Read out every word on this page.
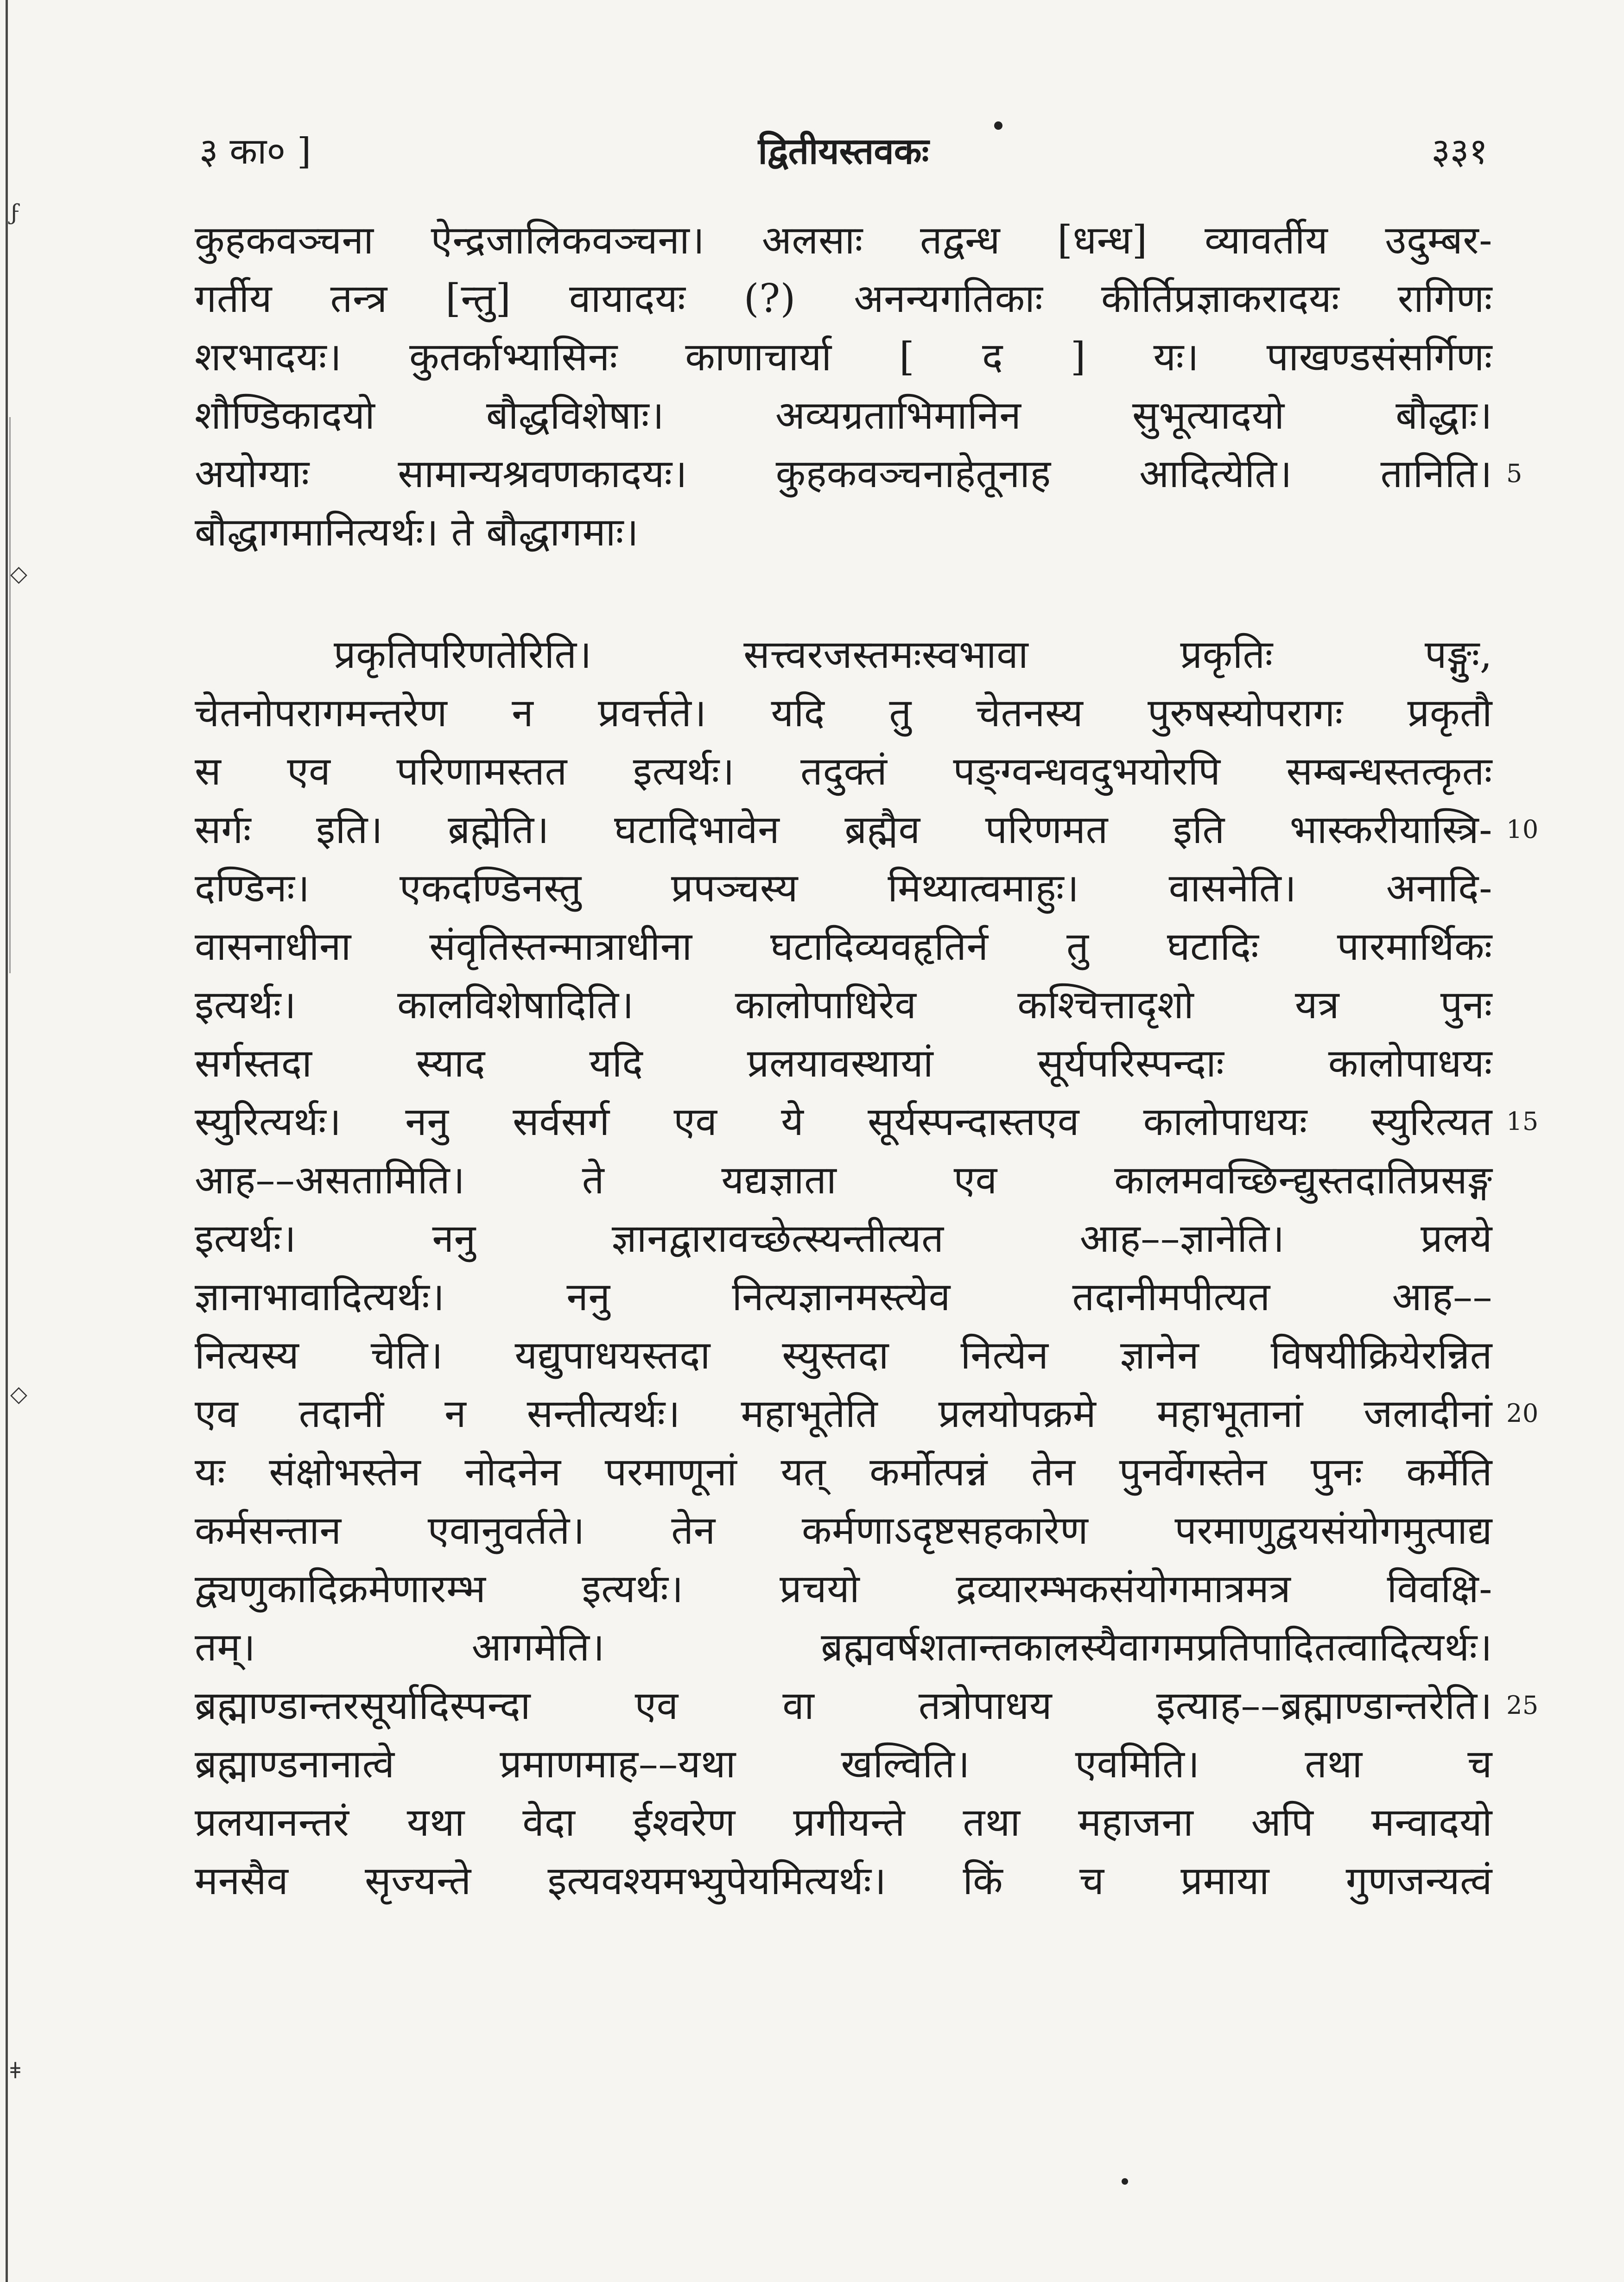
ϝ
◇
◇
ǂ
३ का० ]	द्वितीयस्तवकः	३३१
कुहकवञ्चना ऐन्द्रजालिकवञ्चना। अलसाः तद्वन्ध [धन्ध] व्यावर्तीय उदुम्बर-
गर्तीय तन्त्र [न्तु] वायादयः (?) अनन्यगतिकाः कीर्तिप्रज्ञाकरादयः रागिणः
शरभादयः। कुतर्काभ्यासिनः काणाचार्या [ द ] यः। पाखण्डसंसर्गिणः
शौण्डिकादयो बौद्धविशेषाः। अव्यग्रताभिमानिन सुभूत्यादयो बौद्धाः।
अयोग्याः सामान्यश्रवणकादयः। कुहकवञ्चनाहेतूनाह आदित्येति। तानिति। 5
बौद्धागमानित्यर्थः। ते बौद्धागमाः।
प्रकृतिपरिणतेरिति। सत्त्वरजस्तमःस्वभावा प्रकृतिः पङ्गुः,
चेतनोपरागमन्तरेण न प्रवर्त्तते। यदि तु चेतनस्य पुरुषस्योपरागः प्रकृतौ
स एव परिणामस्तत इत्यर्थः। तदुक्तं पङ्ग्वन्धवदुभयोरपि सम्बन्धस्तत्कृतः
सर्गः इति। ब्रह्मेति। घटादिभावेन ब्रह्मैव परिणमत इति भास्करीयास्त्रि- 10
दण्डिनः। एकदण्डिनस्तु प्रपञ्चस्य मिथ्यात्वमाहुः। वासनेति। अनादि-
वासनाधीना संवृतिस्तन्मात्राधीना घटादिव्यवहृतिर्न तु घटादिः पारमार्थिकः
इत्यर्थः। कालविशेषादिति। कालोपाधिरेव कश्चित्तादृशो यत्र पुनः
सर्गस्तदा स्याद यदि प्रलयावस्थायां सूर्यपरिस्पन्दाः कालोपाधयः
स्युरित्यर्थः। ननु सर्वसर्ग एव ये सूर्यस्पन्दास्तएव कालोपाधयः स्युरित्यत 15
आह––असतामिति। ते यद्यज्ञाता एव कालमवच्छिन्द्युस्तदातिप्रसङ्ग
इत्यर्थः। ननु ज्ञानद्वारावच्छेत्स्यन्तीत्यत आह––ज्ञानेति। प्रलये
ज्ञानाभावादित्यर्थः। ननु नित्यज्ञानमस्त्येव तदानीमपीत्यत आह––
नित्यस्य चेति। यद्युपाधयस्तदा स्युस्तदा नित्येन ज्ञानेन विषयीक्रियेरन्नित
एव तदानीं न सन्तीत्यर्थः। महाभूतेति प्रलयोपक्रमे महाभूतानां जलादीनां 20
यः संक्षोभस्तेन नोदनेन परमाणूनां यत् कर्मोत्पन्नं तेन पुनर्वेगस्तेन पुनः कर्मेति
कर्मसन्तान एवानुवर्तते। तेन कर्मणाऽदृष्टसहकारेण परमाणुद्वयसंयोगमुत्पाद्य
द्व्यणुकादिक्रमेणारम्भ इत्यर्थः। प्रचयो द्रव्यारम्भकसंयोगमात्रमत्र विवक्षि-
तम्। आगमेति। ब्रह्मवर्षशतान्तकालस्यैवागमप्रतिपादितत्वादित्यर्थः।
ब्रह्माण्डान्तरसूर्यादिस्पन्दा एव वा तत्रोपाधय इत्याह––ब्रह्माण्डान्तरेति। 25
ब्रह्माण्डनानात्वे प्रमाणमाह––यथा खल्विति। एवमिति। तथा च
प्रलयानन्तरं यथा वेदा ईश्वरेण प्रगीयन्ते तथा महाजना अपि मन्वादयो
मनसैव सृज्यन्ते इत्यवश्यमभ्युपेयमित्यर्थः। किं च प्रमाया गुणजन्यत्वं
